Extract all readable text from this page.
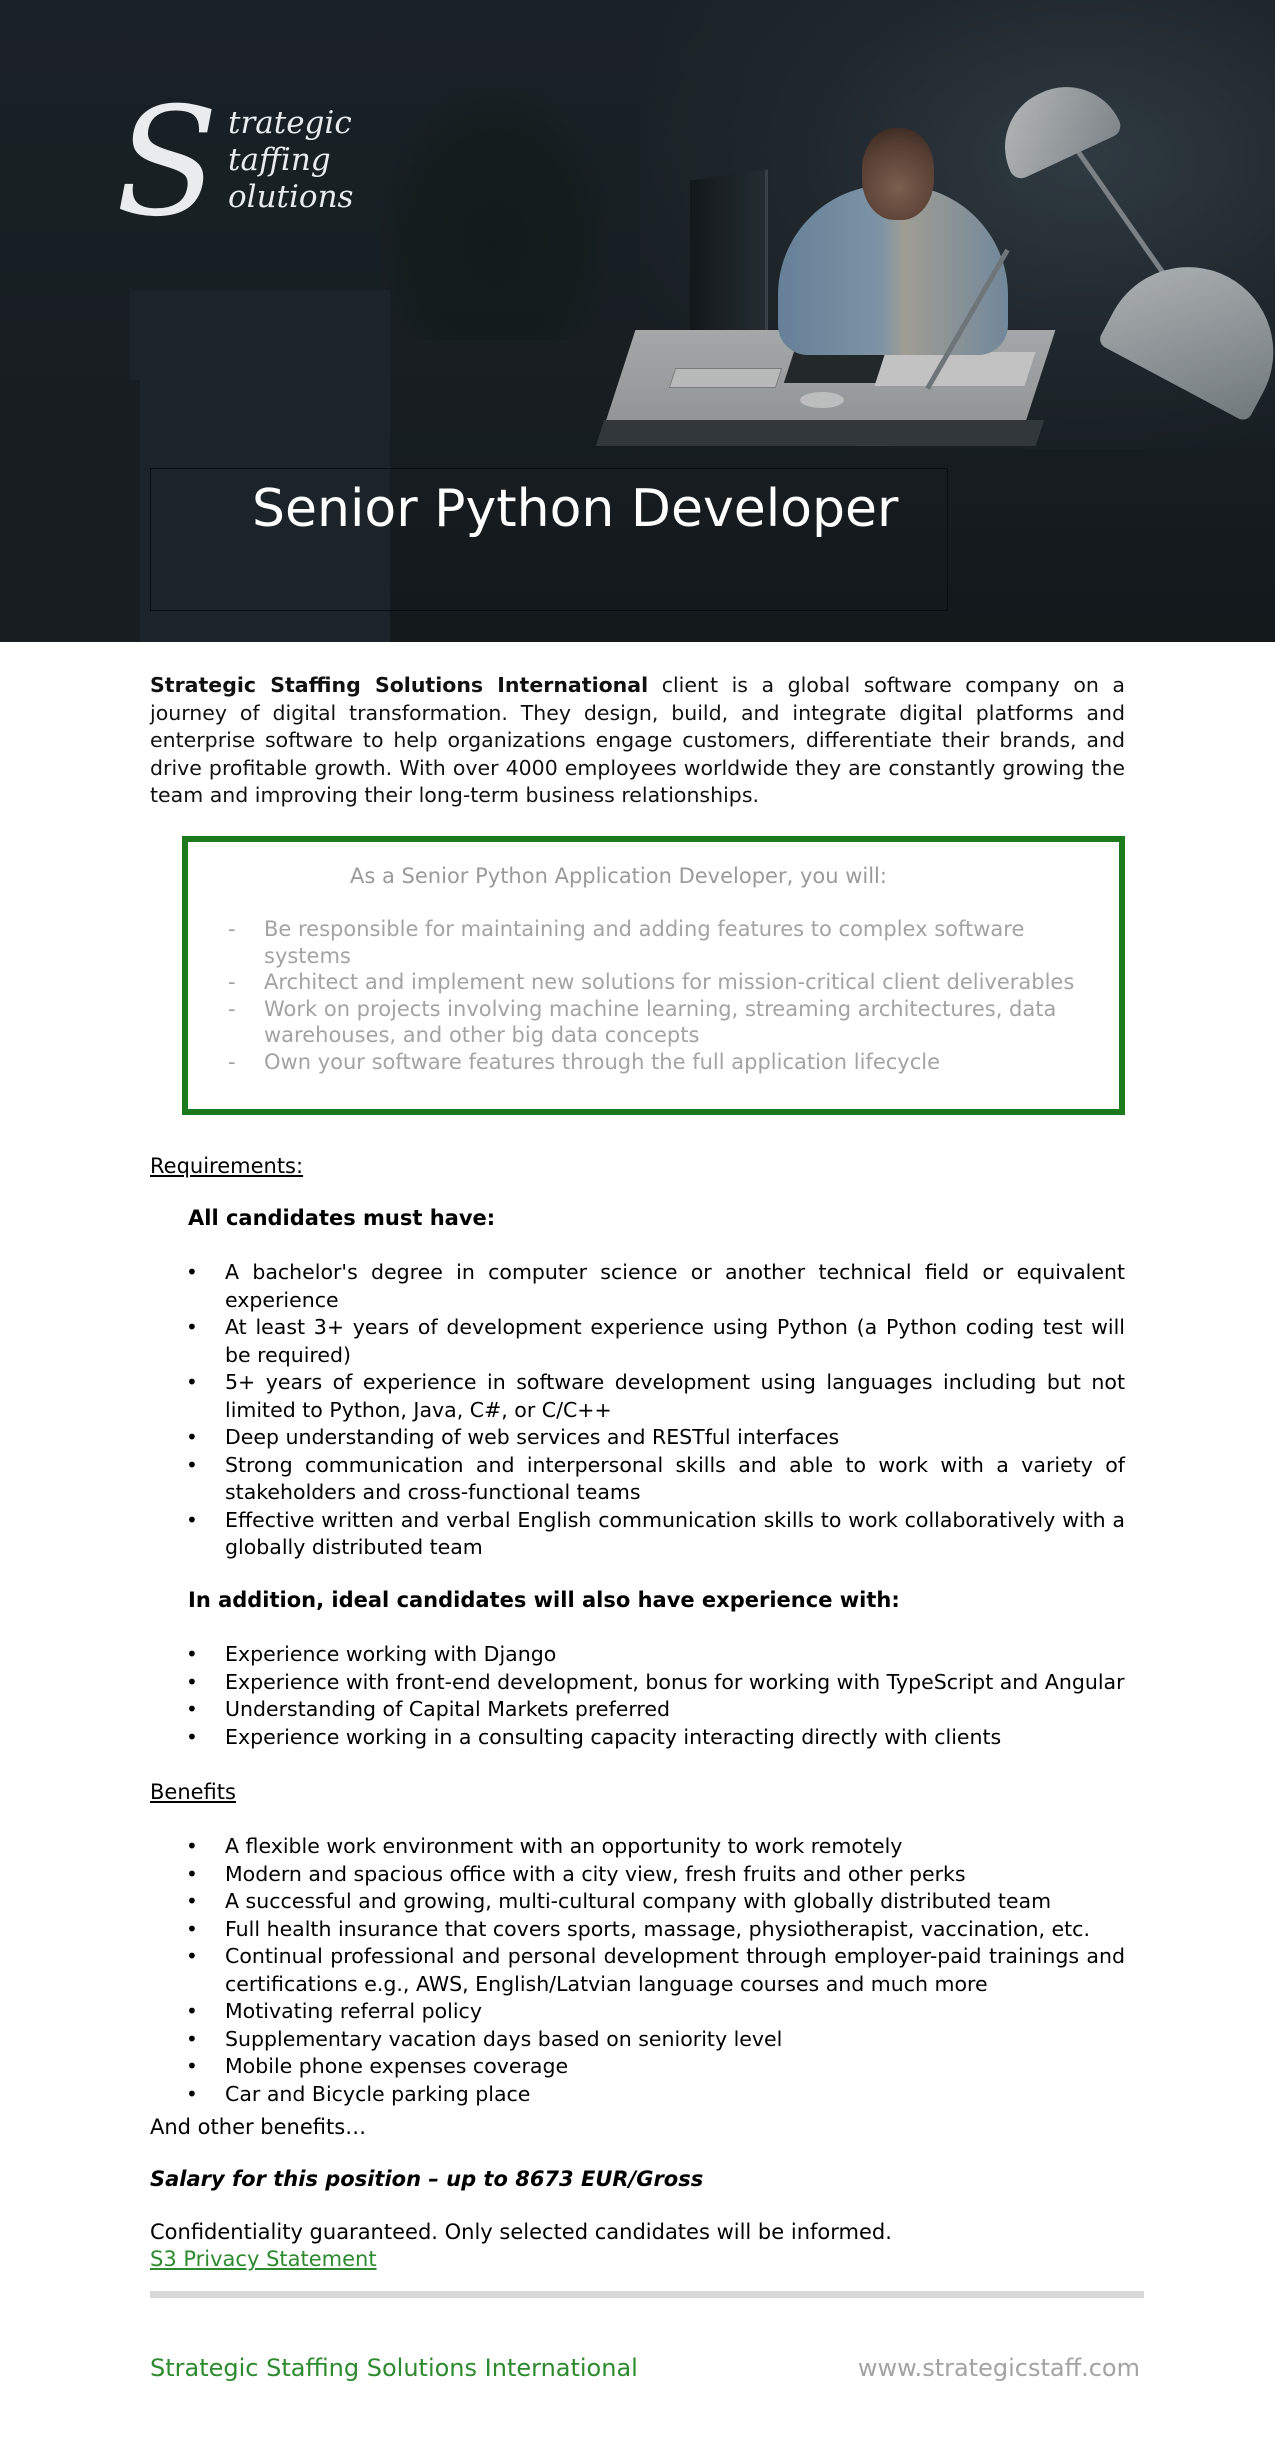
S trategic
taffing
olutions
Senior Python Developer
Strategic Staffing Solutions International client is a global software company on a journey of digital transformation. They design, build, and integrate digital platforms and enterprise software to help organizations engage customers, differentiate their brands, and drive profitable growth. With over 4000 employees worldwide they are constantly growing the team and improving their long-term business relationships.
As a Senior Python Application Developer, you will:
- Be responsible for maintaining and adding features to complex software systems
- Architect and implement new solutions for mission-critical client deliverables
- Work on projects involving machine learning, streaming architectures, data warehouses, and other big data concepts
- Own your software features through the full application lifecycle
Requirements:
All candidates must have:
• A bachelor's degree in computer science or another technical field or equivalent experience
• At least 3+ years of development experience using Python (a Python coding test will be required)
• 5+ years of experience in software development using languages including but not limited to Python, Java, C#, or C/C++
• Deep understanding of web services and RESTful interfaces
• Strong communication and interpersonal skills and able to work with a variety of stakeholders and cross-functional teams
• Effective written and verbal English communication skills to work collaboratively with a globally distributed team
In addition, ideal candidates will also have experience with:
• Experience working with Django
• Experience with front-end development, bonus for working with TypeScript and Angular
• Understanding of Capital Markets preferred
• Experience working in a consulting capacity interacting directly with clients
Benefits
• A flexible work environment with an opportunity to work remotely
• Modern and spacious office with a city view, fresh fruits and other perks
• A successful and growing, multi-cultural company with globally distributed team
• Full health insurance that covers sports, massage, physiotherapist, vaccination, etc.
• Continual professional and personal development through employer-paid trainings and certifications e.g., AWS, English/Latvian language courses and much more
• Motivating referral policy
• Supplementary vacation days based on seniority level
• Mobile phone expenses coverage
• Car and Bicycle parking place
And other benefits…
Salary for this position – up to 8673 EUR/Gross
Confidentiality guaranteed. Only selected candidates will be informed.
S3 Privacy Statement
Strategic Staffing Solutions International	www.strategicstaff.com
